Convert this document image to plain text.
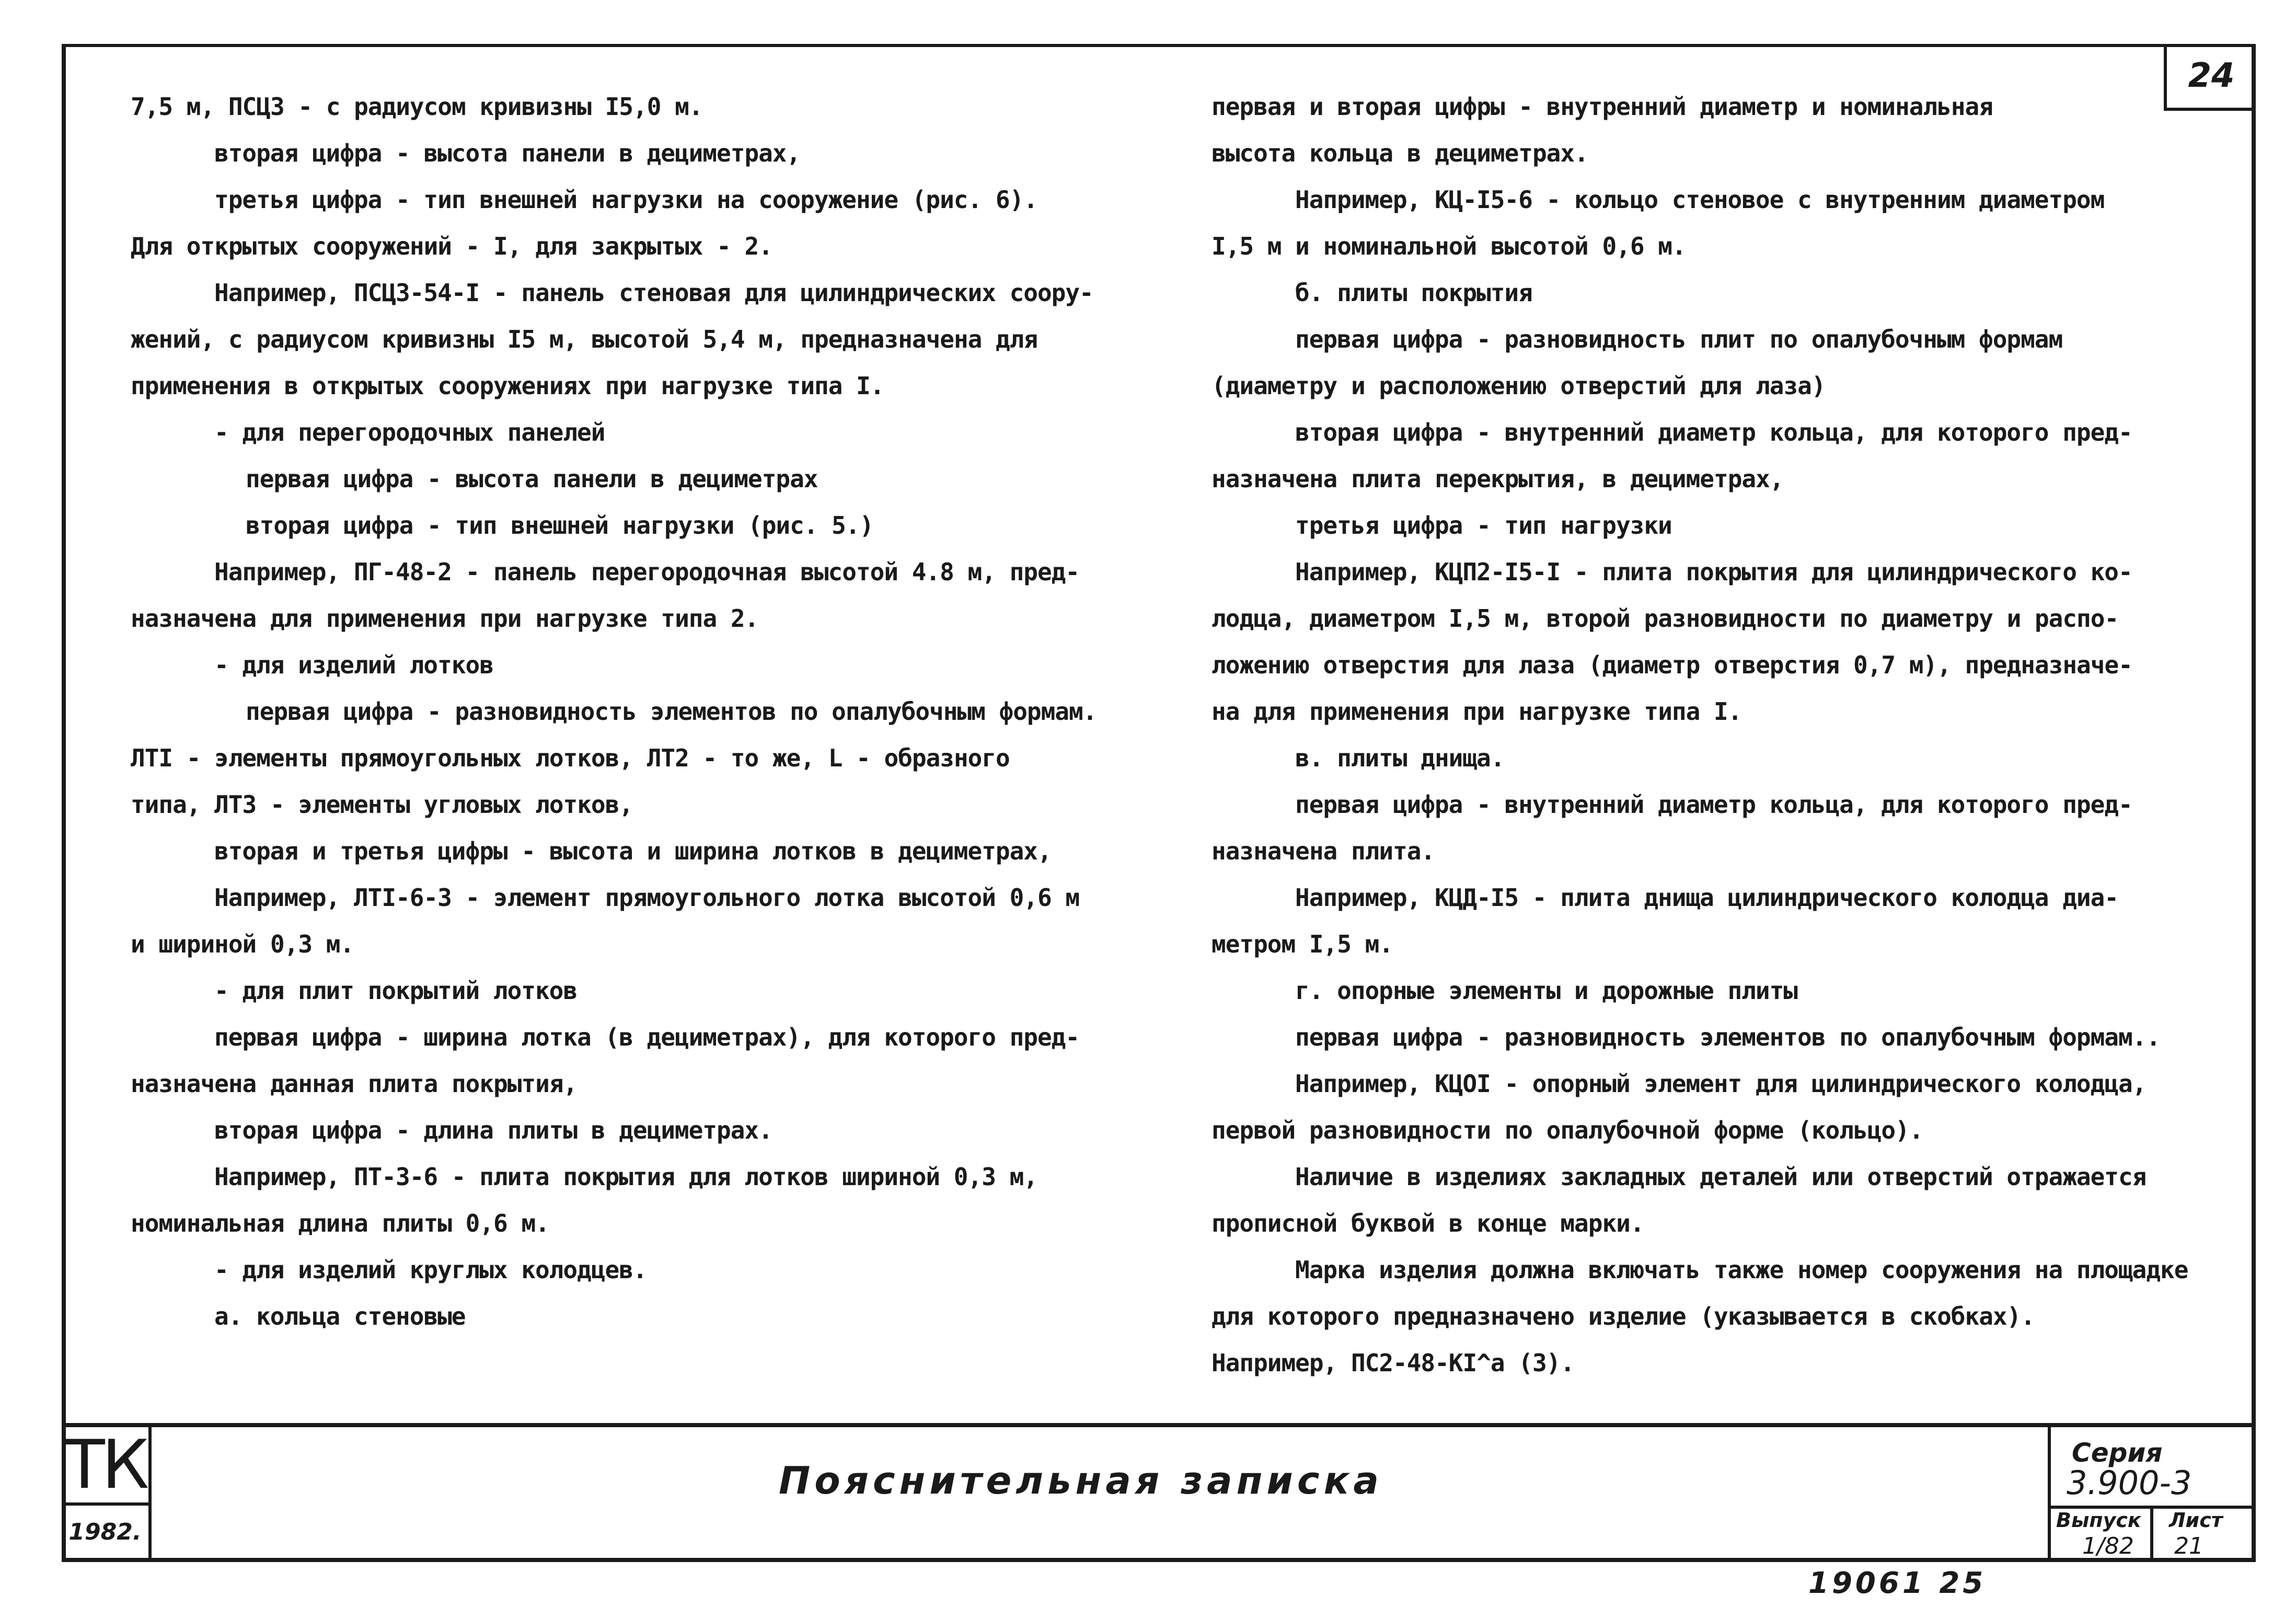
24
7,5 м, ПСЦЗ - с радиусом кривизны I5,0 м.
вторая цифра - высота панели в дециметрах,
третья цифра - тип внешней нагрузки на сооружение (рис. 6).
Для открытых сооружений - I, для закрытых - 2.
Например, ПСЦЗ-54-I - панель стеновая для цилиндрических соору-
жений, с радиусом кривизны I5 м, высотой 5,4 м, предназначена для
применения в открытых сооружениях при нагрузке типа I.
- для перегородочных панелей
первая цифра - высота панели в дециметрах
вторая цифра - тип внешней нагрузки (рис. 5.)
Например, ПГ-48-2 - панель перегородочная высотой 4.8 м, пред-
назначена для применения при нагрузке типа 2.
- для изделий лотков
первая цифра - разновидность элементов по опалубочным формам.
ЛТI - элементы прямоугольных лотков, ЛТ2 - то же, L - образного
типа, ЛТЗ - элементы угловых лотков,
вторая и третья цифры - высота и ширина лотков в дециметрах,
Например, ЛТI-6-3 - элемент прямоугольного лотка высотой 0,6 м
и шириной 0,3 м.
- для плит покрытий лотков
первая цифра - ширина лотка (в дециметрах), для которого пред-
назначена данная плита покрытия,
вторая цифра - длина плиты в дециметрах.
Например, ПТ-3-6 - плита покрытия для лотков шириной 0,3 м,
номинальная длина плиты 0,6 м.
- для изделий круглых колодцев.
а. кольца стеновые
первая и вторая цифры - внутренний диаметр и номинальная
высота кольца в дециметрах.
Например, КЦ-I5-6 - кольцо стеновое с внутренним диаметром
I,5 м и номинальной высотой 0,6 м.
б. плиты покрытия
первая цифра - разновидность плит по опалубочным формам
(диаметру и расположению отверстий для лаза)
вторая цифра - внутренний диаметр кольца, для которого пред-
назначена плита перекрытия, в дециметрах,
третья цифра - тип нагрузки
Например, КЦП2-I5-I - плита покрытия для цилиндрического ко-
лодца, диаметром I,5 м, второй разновидности по диаметру и распо-
ложению отверстия для лаза (диаметр отверстия 0,7 м), предназначе-
на для применения при нагрузке типа I.
в. плиты днища.
первая цифра - внутренний диаметр кольца, для которого пред-
назначена плита.
Например, КЦД-I5 - плита днища цилиндрического колодца диа-
метром I,5 м.
г. опорные элементы и дорожные плиты
первая цифра - разновидность элементов по опалубочным формам..
Например, КЦОI - опорный элемент для цилиндрического колодца,
первой разновидности по опалубочной форме (кольцо).
Наличие в изделиях закладных деталей или отверстий отражается
прописной буквой в конце марки.
Марка изделия должна включать также номер сооружения на площадке
для которого предназначено изделие (указывается в скобках).
Например, ПС2-48-КI^а (3).
ТК
1982.
Пояснительная записка
Серия
3.900-3
Выпуск
1/82
Лист
21
19061 25
